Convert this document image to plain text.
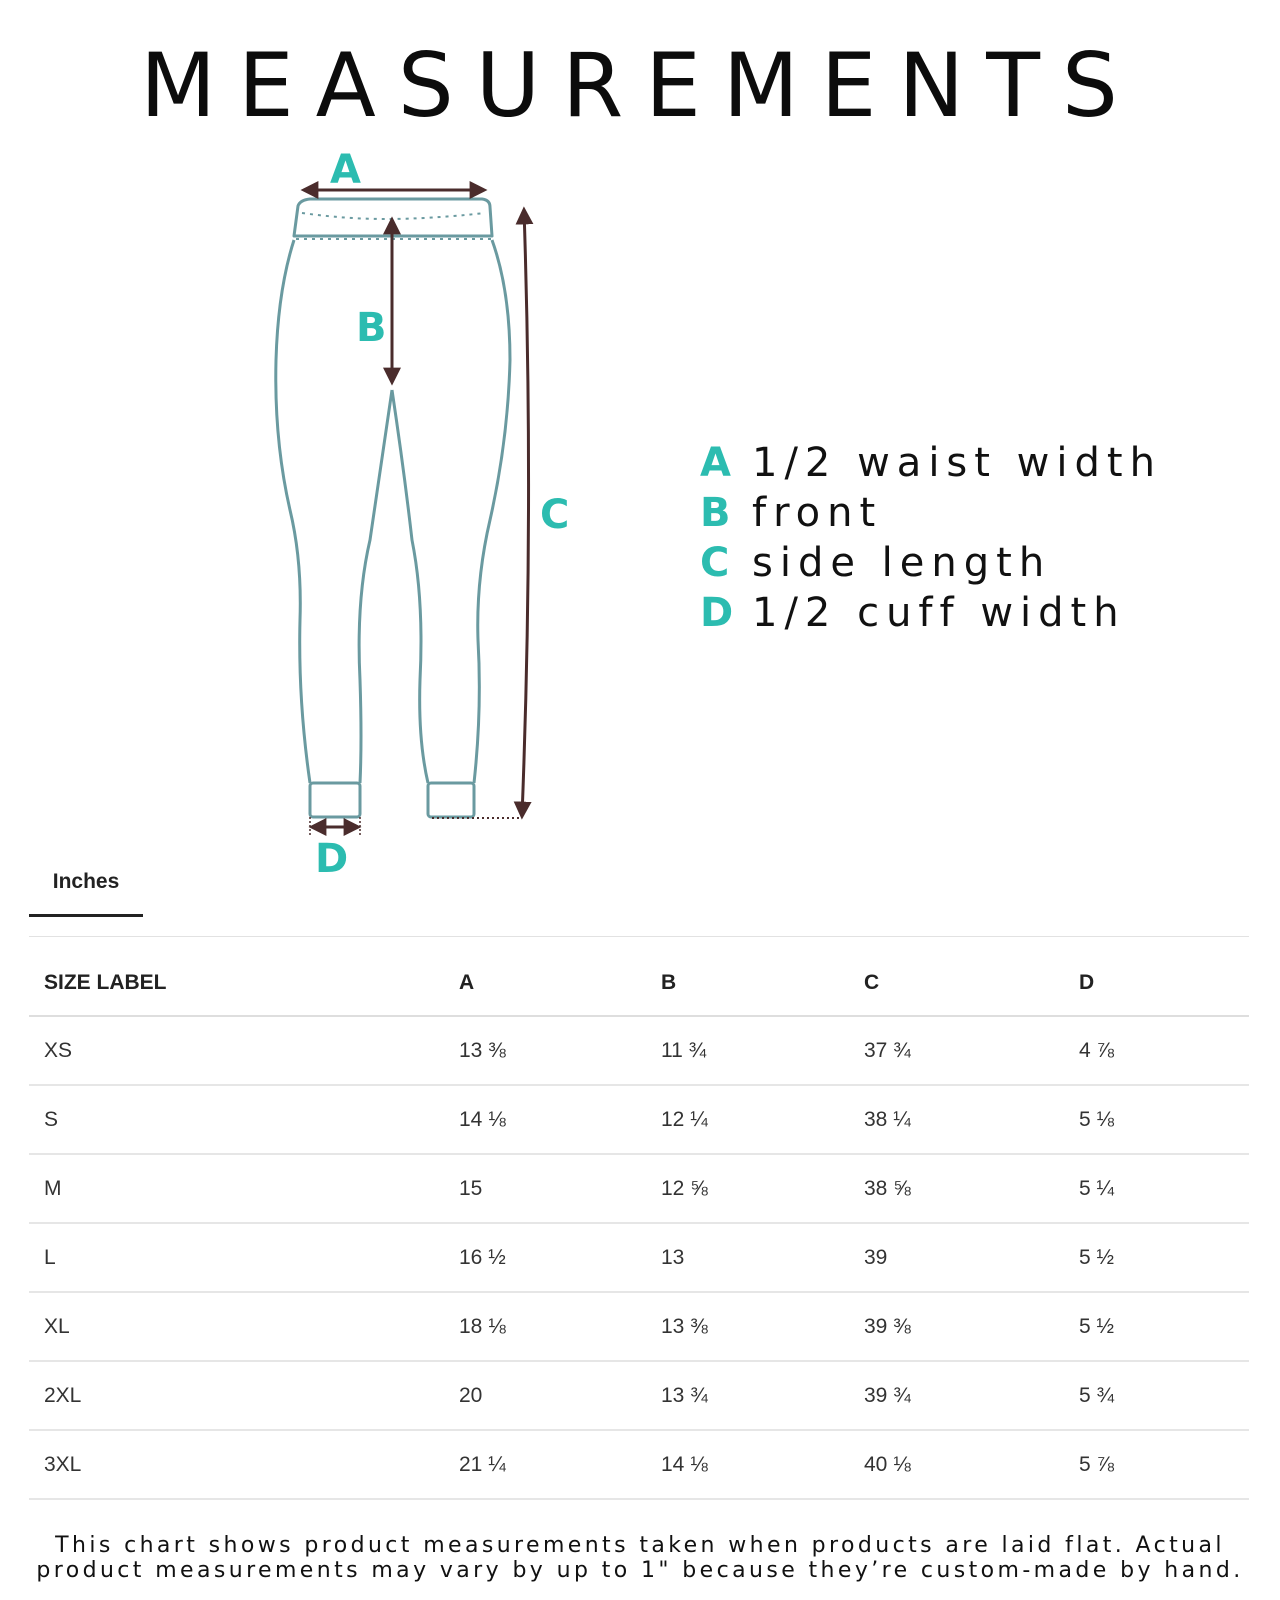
MEASUREMENTS
A
B
C
D
A 1/2 waist width
B front
C side length
D 1/2 cuff width
Inches
SIZE LABEL	A	B	C	D
XS	13 ⅜	11 ¾	37 ¾	4 ⅞
S	14 ⅛	12 ¼	38 ¼	5 ⅛
M	15	12 ⅝	38 ⅝	5 ¼
L	16 ½	13	39	5 ½
XL	18 ⅛	13 ⅜	39 ⅜	5 ½
2XL	20	13 ¾	39 ¾	5 ¾
3XL	21 ¼	14 ⅛	40 ⅛	5 ⅞
This chart shows product measurements taken when products are laid flat. Actual
product measurements may vary by up to 1" because they’re custom-made by hand.
